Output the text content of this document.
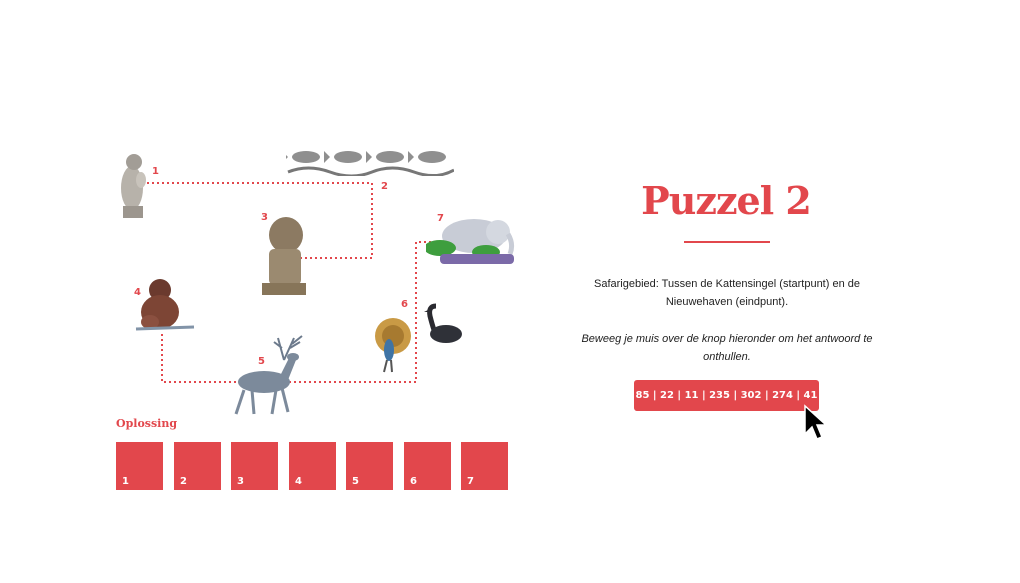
1
2
3
4
5
6
7
Oplossing
1	2	3	4	5	6	7
Puzzel 2
Safarigebied: Tussen de Kattensingel (startpunt) en de Nieuwehaven (eindpunt).
Beweeg je muis over de knop hieronder om het antwoord te onthullen.
85 | 22 | 11 | 235 | 302 | 274 | 41
